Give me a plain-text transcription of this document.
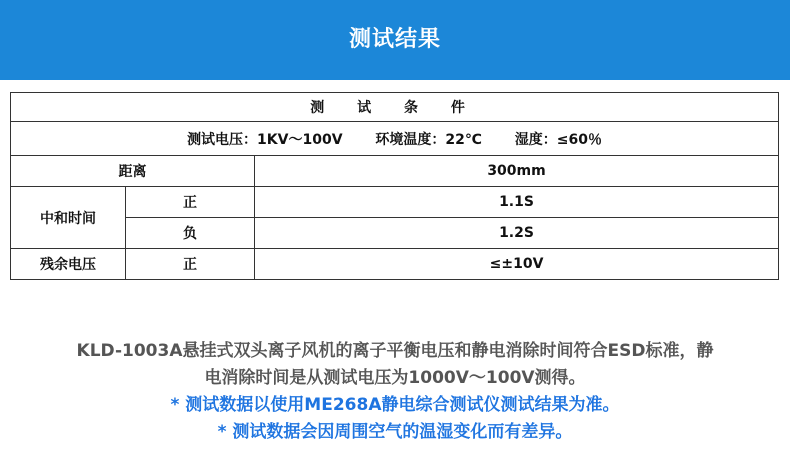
测试结果
测 试 条 件		
测试电压：1KV～100V 环境温度：22℃ 湿度：≤60％		
距离		300mm
中和时间	正	1.1S
	负	1.2S
残余电压	正	≤±10V
KLD-1003A悬挂式双头离子风机的离子平衡电压和静电消除时间符合ESD标准，静
电消除时间是从测试电压为1000V～100V测得。
* 测试数据以使用ME268A静电综合测试仪测试结果为准。
* 测试数据会因周围空气的温湿变化而有差异。
